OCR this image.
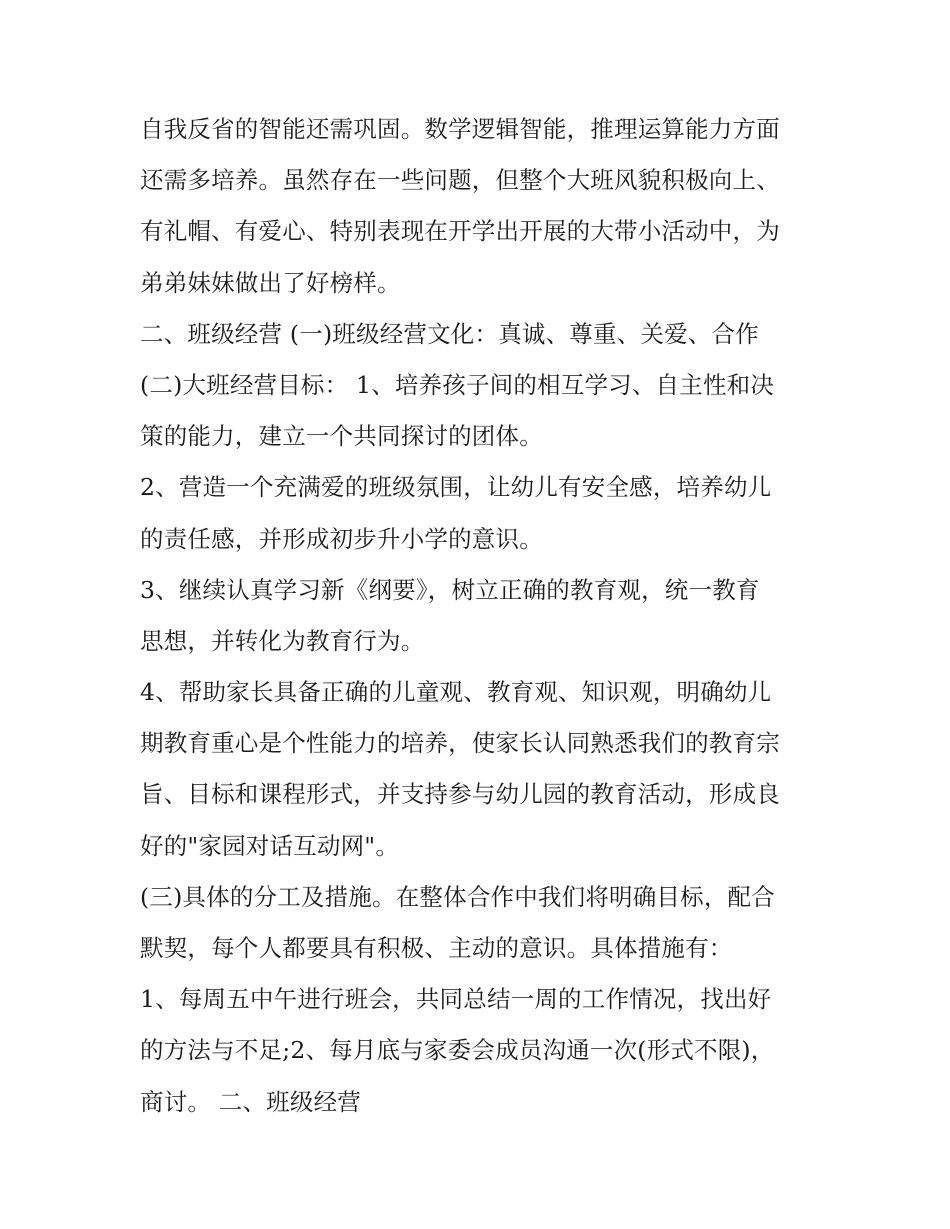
自我反省的智能还需巩固。数学逻辑智能，推理运算能力方面
还需多培养。虽然存在一些问题，但整个大班风貌积极向上、
有礼帽、有爱心、特别表现在开学出开展的大带小活动中，为
弟弟妹妹做出了好榜样。
二、班级经营 (一)班级经营文化：真诚、尊重、关爱、合作
(二)大班经营目标： 1、培养孩子间的相互学习、自主性和决
策的能力，建立一个共同探讨的团体。
2、营造一个充满爱的班级氛围，让幼儿有安全感，培养幼儿
的责任感，并形成初步升小学的意识。
3、继续认真学习新《纲要》，树立正确的教育观，统一教育
思想，并转化为教育行为。
4、帮助家长具备正确的儿童观、教育观、知识观，明确幼儿
期教育重心是个性能力的培养，使家长认同熟悉我们的教育宗
旨、目标和课程形式，并支持参与幼儿园的教育活动，形成良
好的"家园对话互动网"。
(三)具体的分工及措施。在整体合作中我们将明确目标，配合
默契，每个人都要具有积极、主动的意识。具体措施有：
1、每周五中午进行班会，共同总结一周的工作情况，找出好
的方法与不足;2、每月底与家委会成员沟通一次(形式不限)，
商讨。 二、班级经营
